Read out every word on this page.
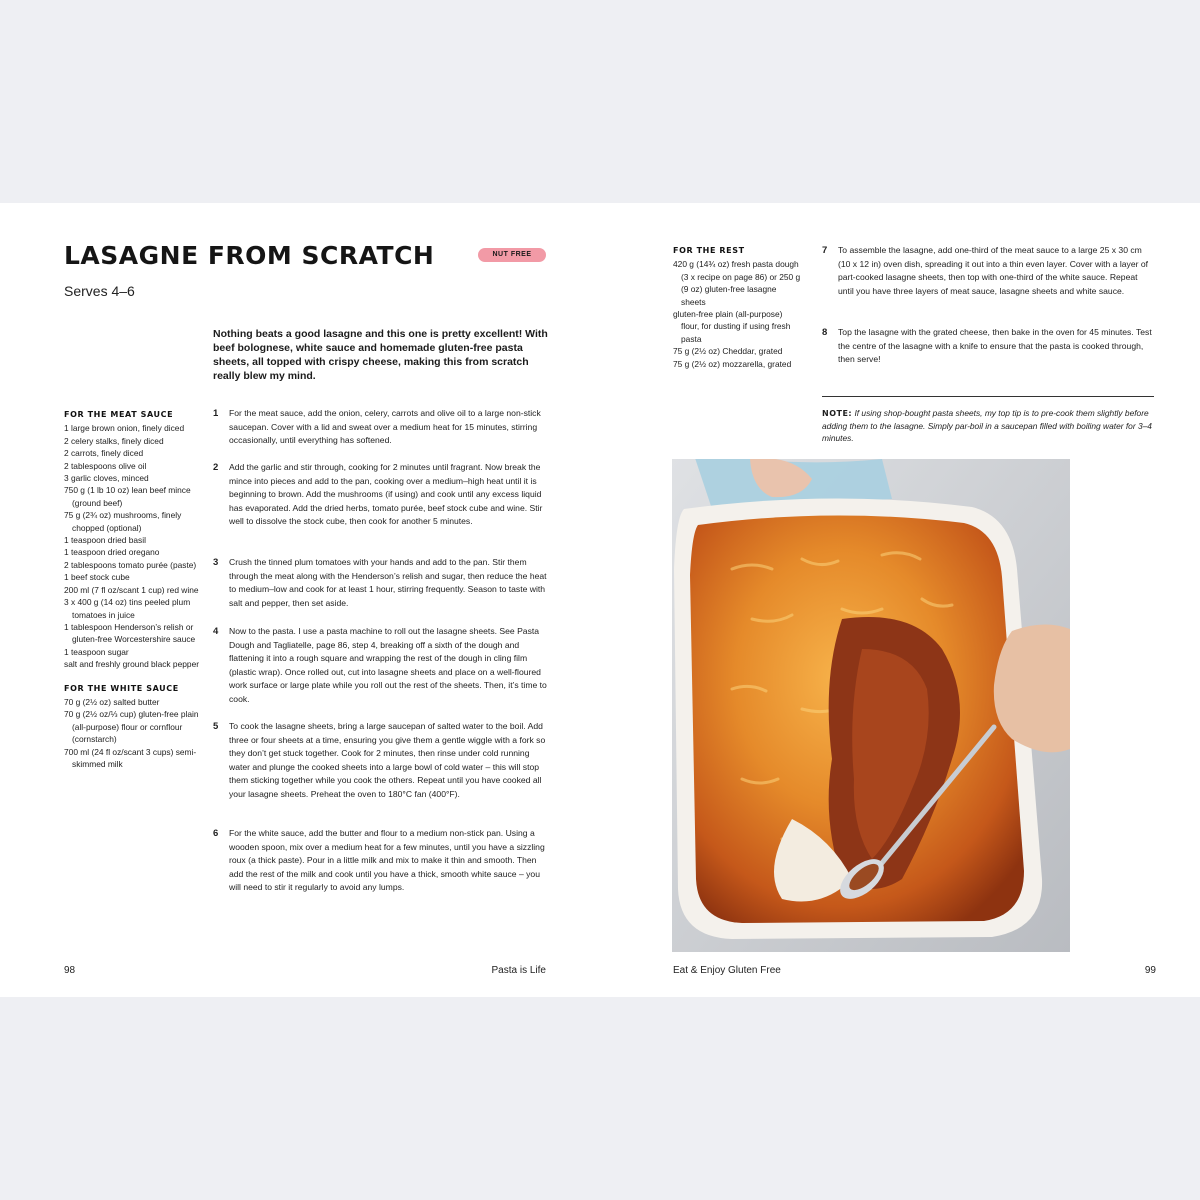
LASAGNE FROM SCRATCH	NUT FREE
Serves 4–6
Nothing beats a good lasagne and this one is pretty excellent! With beef bolognese, white sauce and homemade gluten-free pasta sheets, all topped with crispy cheese, making this from scratch really blew my mind.
FOR THE MEAT SAUCE
1 large brown onion, finely diced
2 celery stalks, finely diced
2 carrots, finely diced
2 tablespoons olive oil
3 garlic cloves, minced
750 g (1 lb 10 oz) lean beef mince (ground beef)
75 g (2¾ oz) mushrooms, finely chopped (optional)
1 teaspoon dried basil
1 teaspoon dried oregano
2 tablespoons tomato purée (paste)
1 beef stock cube
200 ml (7 fl oz/scant 1 cup) red wine
3 x 400 g (14 oz) tins peeled plum tomatoes in juice
1 tablespoon Henderson’s relish or gluten-free Worcestershire sauce
1 teaspoon sugar
salt and freshly ground black pepper
FOR THE WHITE SAUCE
70 g (2½ oz) salted butter
70 g (2½ oz/⅓ cup) gluten-free plain (all-purpose) flour or cornflour (cornstarch)
700 ml (24 fl oz/scant 3 cups) semi-skimmed milk
1 For the meat sauce, add the onion, celery, carrots and olive oil to a large non-stick saucepan. Cover with a lid and sweat over a medium heat for 15 minutes, stirring occasionally, until everything has softened.
2 Add the garlic and stir through, cooking for 2 minutes until fragrant. Now break the mince into pieces and add to the pan, cooking over a medium–high heat until it is beginning to brown. Add the mushrooms (if using) and cook until any excess liquid has evaporated. Add the dried herbs, tomato purée, beef stock cube and wine. Stir well to dissolve the stock cube, then cook for another 5 minutes.
3 Crush the tinned plum tomatoes with your hands and add to the pan. Stir them through the meat along with the Henderson’s relish and sugar, then reduce the heat to medium–low and cook for at least 1 hour, stirring frequently. Season to taste with salt and pepper, then set aside.
4 Now to the pasta. I use a pasta machine to roll out the lasagne sheets. See Pasta Dough and Tagliatelle, page 86, step 4, breaking off a sixth of the dough and flattening it into a rough square and wrapping the rest of the dough in cling film (plastic wrap). Once rolled out, cut into lasagne sheets and place on a well-floured work surface or large plate while you roll out the rest of the sheets. Then, it’s time to cook.
5 To cook the lasagne sheets, bring a large saucepan of salted water to the boil. Add three or four sheets at a time, ensuring you give them a gentle wiggle with a fork so they don’t get stuck together. Cook for 2 minutes, then rinse under cold running water and plunge the cooked sheets into a large bowl of cold water – this will stop them sticking together while you cook the others. Repeat until you have cooked all your lasagne sheets. Preheat the oven to 180°C fan (400°F).
6 For the white sauce, add the butter and flour to a medium non-stick pan. Using a wooden spoon, mix over a medium heat for a few minutes, until you have a sizzling roux (a thick paste). Pour in a little milk and mix to make it thin and smooth. Then add the rest of the milk and cook until you have a thick, smooth white sauce – you will need to stir it regularly to avoid any lumps.
98	Pasta is Life
FOR THE REST
420 g (14¾ oz) fresh pasta dough (3 x recipe on page 86) or 250 g (9 oz) gluten-free lasagne sheets
gluten-free plain (all-purpose) flour, for dusting if using fresh pasta
75 g (2½ oz) Cheddar, grated
75 g (2½ oz) mozzarella, grated
7 To assemble the lasagne, add one-third of the meat sauce to a large 25 x 30 cm (10 x 12 in) oven dish, spreading it out into a thin even layer. Cover with a layer of part-cooked lasagne sheets, then top with one-third of the white sauce. Repeat until you have three layers of meat sauce, lasagne sheets and white sauce.
8 Top the lasagne with the grated cheese, then bake in the oven for 45 minutes. Test the centre of the lasagne with a knife to ensure that the pasta is cooked through, then serve!
NOTE: If using shop-bought pasta sheets, my top tip is to pre-cook them slightly before adding them to the lasagne. Simply par-boil in a saucepan filled with boiling water for 3–4 minutes.
Eat & Enjoy Gluten Free	99
